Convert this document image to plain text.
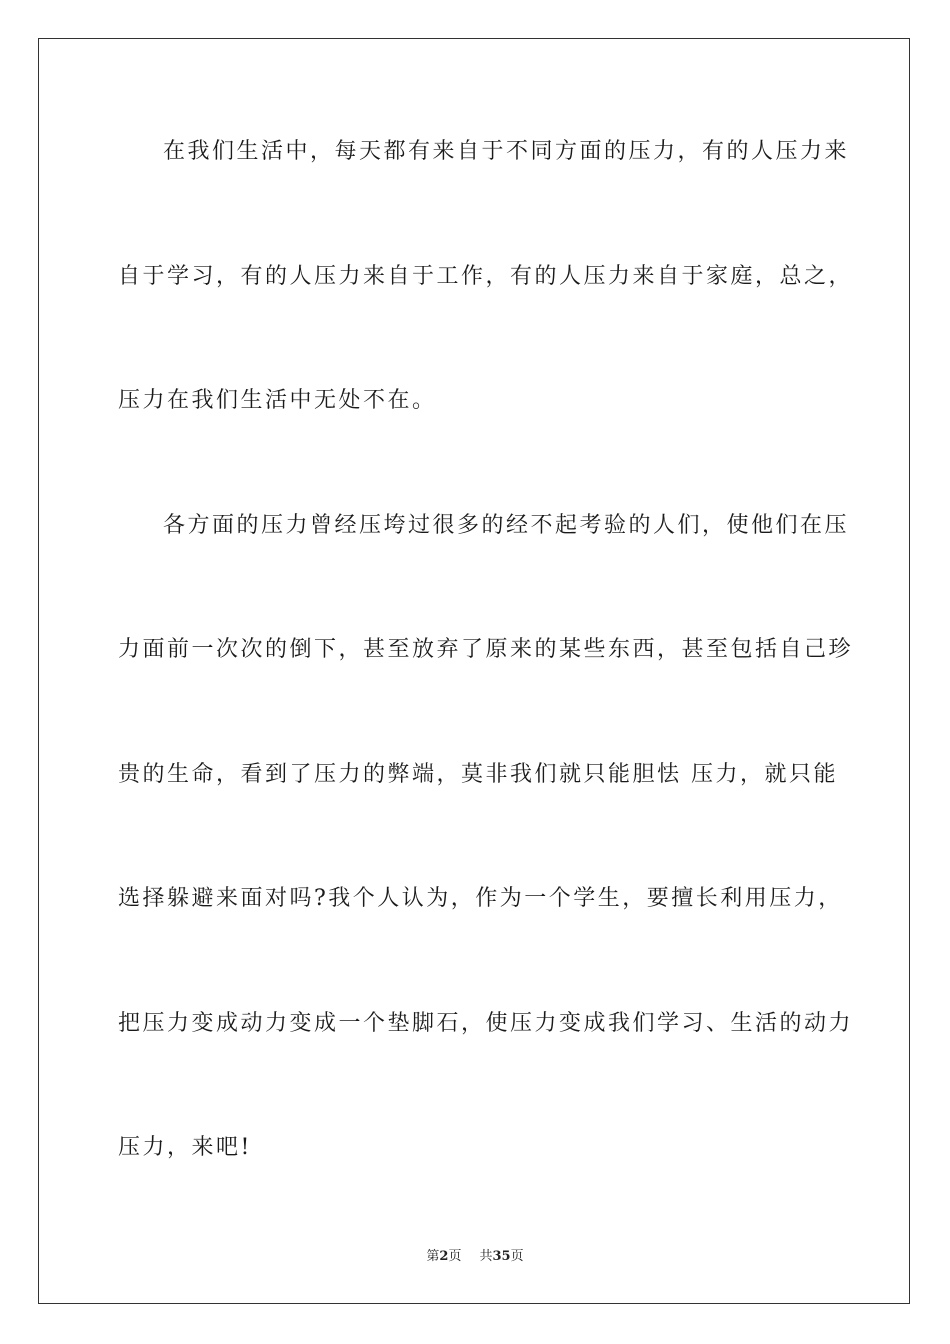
在我们生活中，每天都有来自于不同方面的压力，有的人压力来
自于学习，有的人压力来自于工作，有的人压力来自于家庭，总之，
压力在我们生活中无处不在。
各方面的压力曾经压垮过很多的经不起考验的人们，使他们在压
力面前一次次的倒下，甚至放弃了原来的某些东西，甚至包括自己珍
贵的生命，看到了压力的弊端，莫非我们就只能胆怯 压力，就只能
选择躲避来面对吗?我个人认为，作为一个学生，要擅长利用压力，
把压力变成动力变成一个垫脚石，使压力变成我们学习、生活的动力
压力，来吧!
第2页 共35页
